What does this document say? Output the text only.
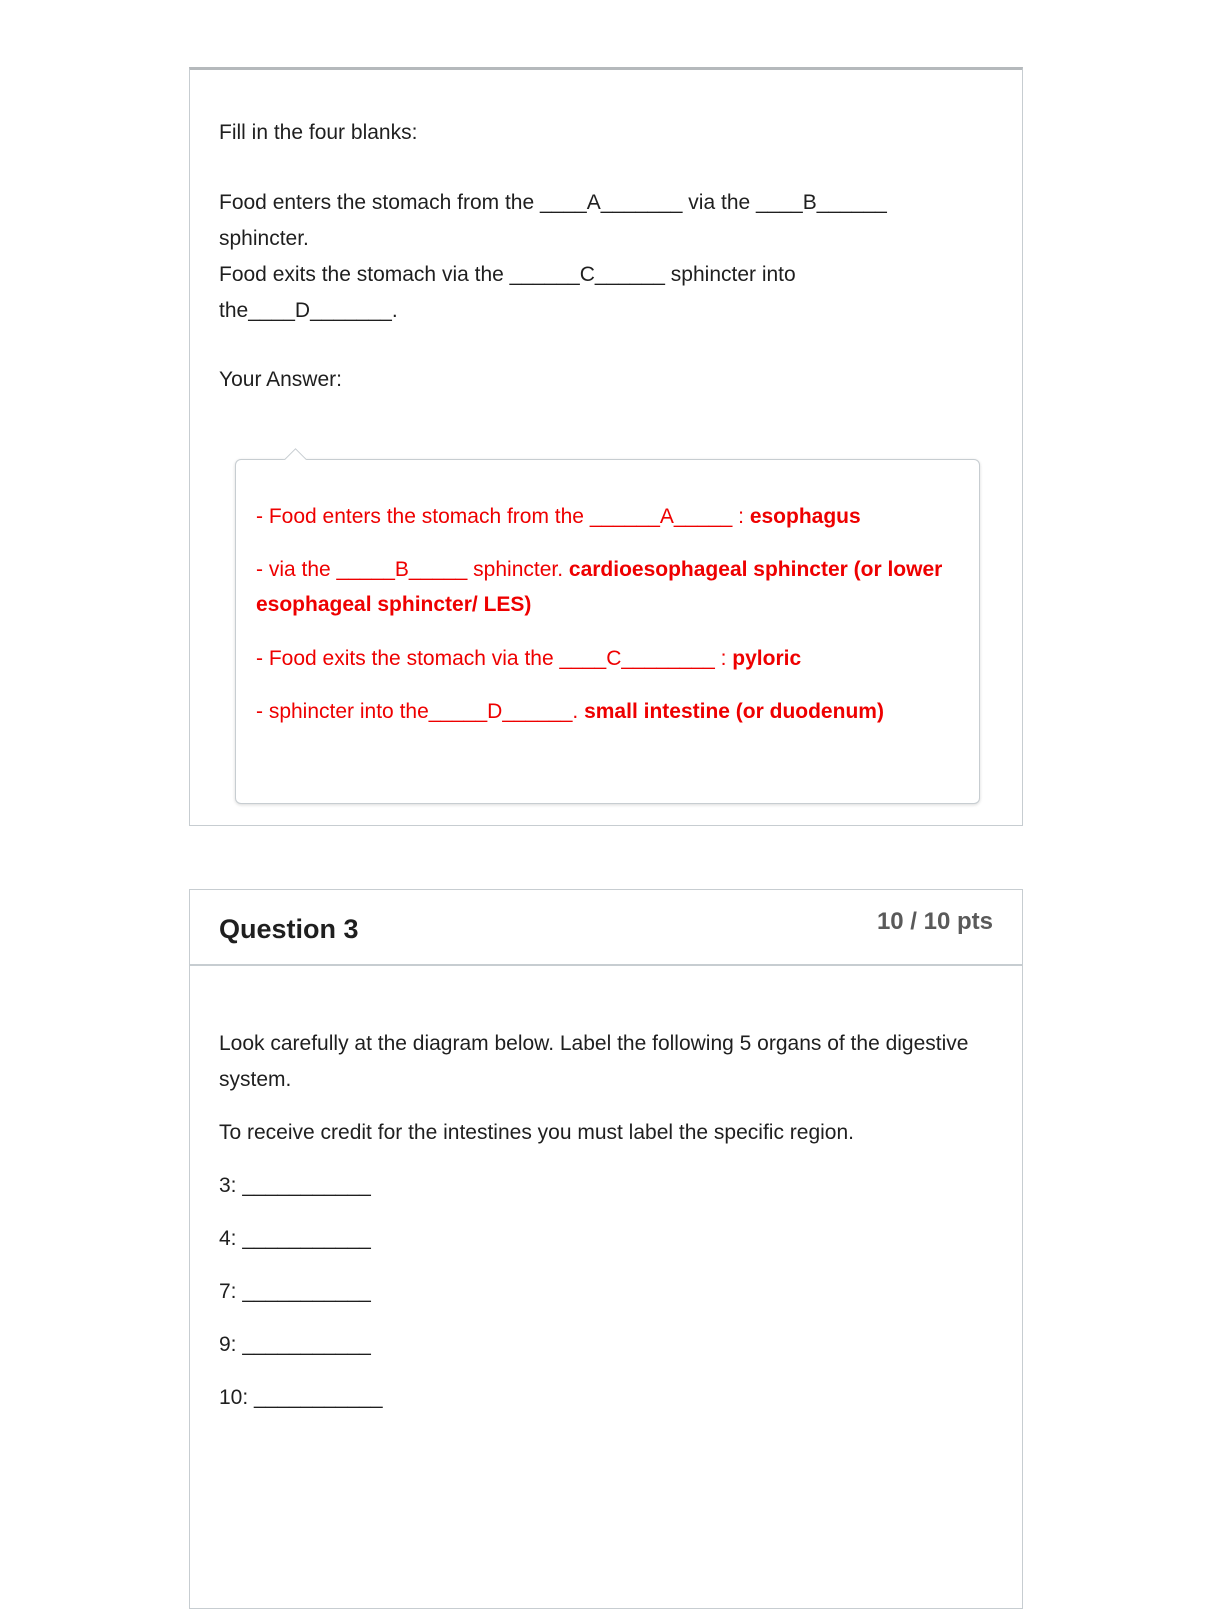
Fill in the four blanks:
Food enters the stomach from the ____A_______ via the ____B______
sphincter.
Food exits the stomach via the ______C______ sphincter into
the____D_______.
Your Answer:
- Food enters the stomach from the ______A_____ : esophagus
- via the _____B_____ sphincter. cardioesophageal sphincter (or lower esophageal sphincter/ LES)
- Food exits the stomach via the ____C________ : pyloric
- sphincter into the_____D______. small intestine (or duodenum)
Question 3	10 / 10 pts
Look carefully at the diagram below. Label the following 5 organs of the digestive system.
To receive credit for the intestines you must label the specific region.
3: ___________
4: ___________
7: ___________
9: ___________
10: ___________
